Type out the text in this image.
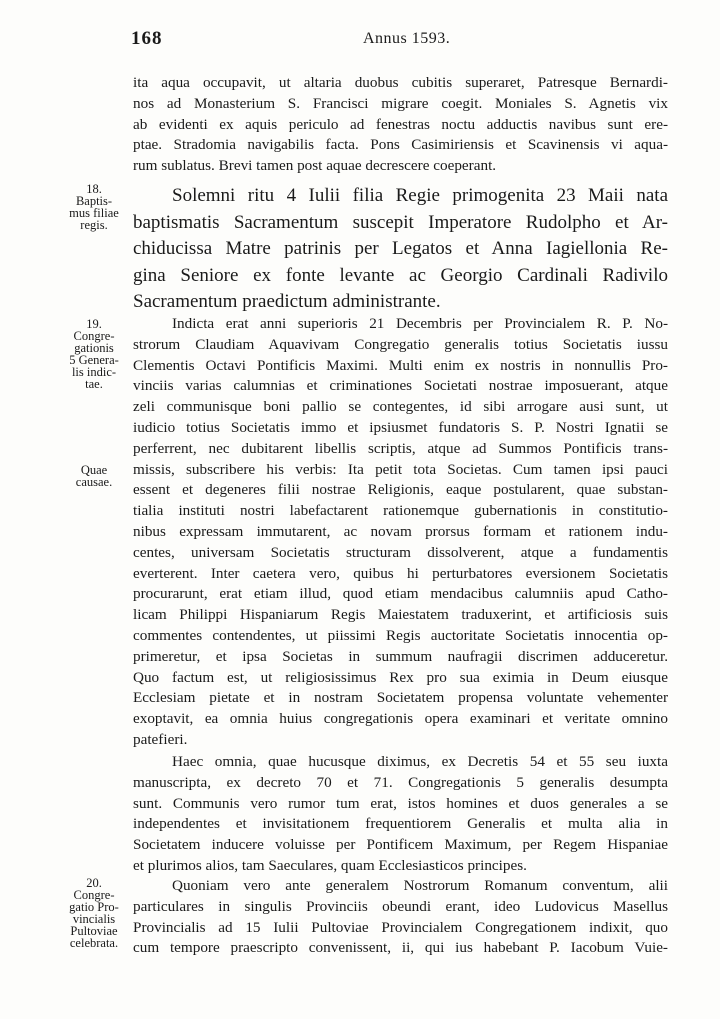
168	Annus 1593.
ita aqua occupavit, ut altaria duobus cubitis superaret, Patresque Bernardi-
nos ad Monasterium S. Francisci migrare coegit. Moniales S. Agnetis vix
ab evidenti ex aquis periculo ad fenestras noctu adductis navibus sunt ere-
ptae. Stradomia navigabilis facta. Pons Casimiriensis et Scavinensis vi aqua-
rum sublatus. Brevi tamen post aquae decrescere coeperant.
18.
Baptis-
mus filiae
regis.
Solemni ritu 4 Iulii filia Regie primogenita 23 Maii nata
baptismatis Sacramentum suscepit Imperatore Rudolpho et Ar-
chiducissa Matre patrinis per Legatos et Anna Iagiellonia Re-
gina Seniore ex fonte levante ac Georgio Cardinali Radivilo
Sacramentum praedictum administrante.
19.
Congre-
gationis
5 Genera-
lis indic-
tae.
Quae
causae.
Indicta erat anni superioris 21 Decembris per Provincialem R. P. No-
strorum Claudiam Aquavivam Congregatio generalis totius Societatis iussu
Clementis Octavi Pontificis Maximi. Multi enim ex nostris in nonnullis Pro-
vinciis varias calumnias et criminationes Societati nostrae imposuerant, atque
zeli communisque boni pallio se contegentes, id sibi arrogare ausi sunt, ut
iudicio totius Societatis immo et ipsiusmet fundatoris S. P. Nostri Ignatii se
perferrent, nec dubitarent libellis scriptis, atque ad Summos Pontificis trans-
missis, subscribere his verbis: Ita petit tota Societas. Cum tamen ipsi pauci
essent et degeneres filii nostrae Religionis, eaque postularent, quae substan-
tialia instituti nostri labefactarent rationemque gubernationis in constitutio-
nibus expressam immutarent, ac novam prorsus formam et rationem indu-
centes, universam Societatis structuram dissolverent, atque a fundamentis
everterent. Inter caetera vero, quibus hi perturbatores eversionem Societatis
procurarunt, erat etiam illud, quod etiam mendacibus calumniis apud Catho-
licam Philippi Hispaniarum Regis Maiestatem traduxerint, et artificiosis suis
commentes contendentes, ut piissimi Regis auctoritate Societatis innocentia op-
primeretur, et ipsa Societas in summum naufragii discrimen adduceretur.
Quo factum est, ut religiosissimus Rex pro sua eximia in Deum eiusque
Ecclesiam pietate et in nostram Societatem propensa voluntate vehementer
exoptavit, ea omnia huius congregationis opera examinari et veritate omnino
patefieri.
Haec omnia, quae hucusque diximus, ex Decretis 54 et 55 seu iuxta
manuscripta, ex decreto 70 et 71. Congregationis 5 generalis desumpta
sunt. Communis vero rumor tum erat, istos homines et duos generales a se
independentes et invisitationem frequentiorem Generalis et multa alia in
Societatem inducere voluisse per Pontificem Maximum, per Regem Hispaniae
et plurimos alios, tam Saeculares, quam Ecclesiasticos principes.
20.
Congre-
gatio Pro-
vincialis
Pultoviae
celebrata.
Quoniam vero ante generalem Nostrorum Romanum conventum, alii
particulares in singulis Provinciis obeundi erant, ideo Ludovicus Masellus
Provincialis ad 15 Iulii Pultoviae Provincialem Congregationem indixit, quo
cum tempore praescripto convenissent, ii, qui ius habebant P. Iacobum Vuie-
